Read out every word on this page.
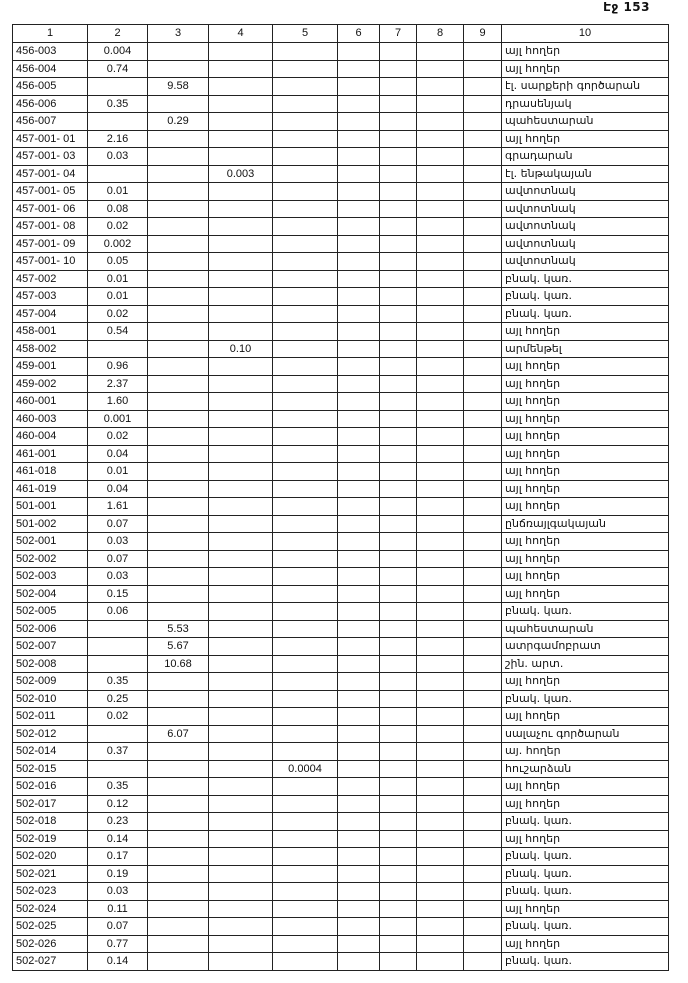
Էջ 153
1	2	3	4	5	6	7	8	9	10
456-003	0.004								այլ հողեր
456-004	0.74								այլ հողեր
456-005		9.58							էլ. սարքերի գործարան
456-006	0.35								դրասենյակ
456-007		0.29							պահեստարան
457-001- 01	2.16								այլ հողեր
457-001- 03	0.03								գրադարան
457-001- 04			0.003						էլ. ենթակայան
457-001- 05	0.01								ավտոտնակ
457-001- 06	0.08								ավտոտնակ
457-001- 08	0.02								ավտոտնակ
457-001- 09	0.002								ավտոտնակ
457-001- 10	0.05								ավտոտնակ
457-002	0.01								բնակ. կառ.
457-003	0.01								բնակ. կառ.
457-004	0.02								բնակ. կառ.
458-001	0.54								այլ հողեր
458-002			0.10						արմենթել
459-001	0.96								այլ հողեր
459-002	2.37								այլ հողեր
460-001	1.60								այլ հողեր
460-003	0.001								այլ հողեր
460-004	0.02								այլ հողեր
461-001	0.04								այլ հողեր
461-018	0.01								այլ հողեր
461-019	0.04								այլ հողեր
501-001	1.61								այլ հողեր
501-002	0.07								ընճռայլգակայան
502-001	0.03								այլ հողեր
502-002	0.07								այլ հողեր
502-003	0.03								այլ հողեր
502-004	0.15								այլ հողեր
502-005	0.06								բնակ. կառ.
502-006		5.53							պահեստարան
502-007		5.67							ատրգամոբրատ
502-008		10.68							շին. արտ.
502-009	0.35								այլ հողեր
502-010	0.25								բնակ. կառ.
502-011	0.02								այլ հողեր
502-012		6.07							սալաչու գործարան
502-014	0.37								այ. հողեր
502-015				0.0004					հուշարձան
502-016	0.35								այլ հողեր
502-017	0.12								այլ հողեր
502-018	0.23								բնակ. կառ.
502-019	0.14								այլ հողեր
502-020	0.17								բնակ. կառ.
502-021	0.19								բնակ. կառ.
502-023	0.03								բնակ. կառ.
502-024	0.11								այլ հողեր
502-025	0.07								բնակ. կառ.
502-026	0.77								այլ հողեր
502-027	0.14								բնակ. կառ.
